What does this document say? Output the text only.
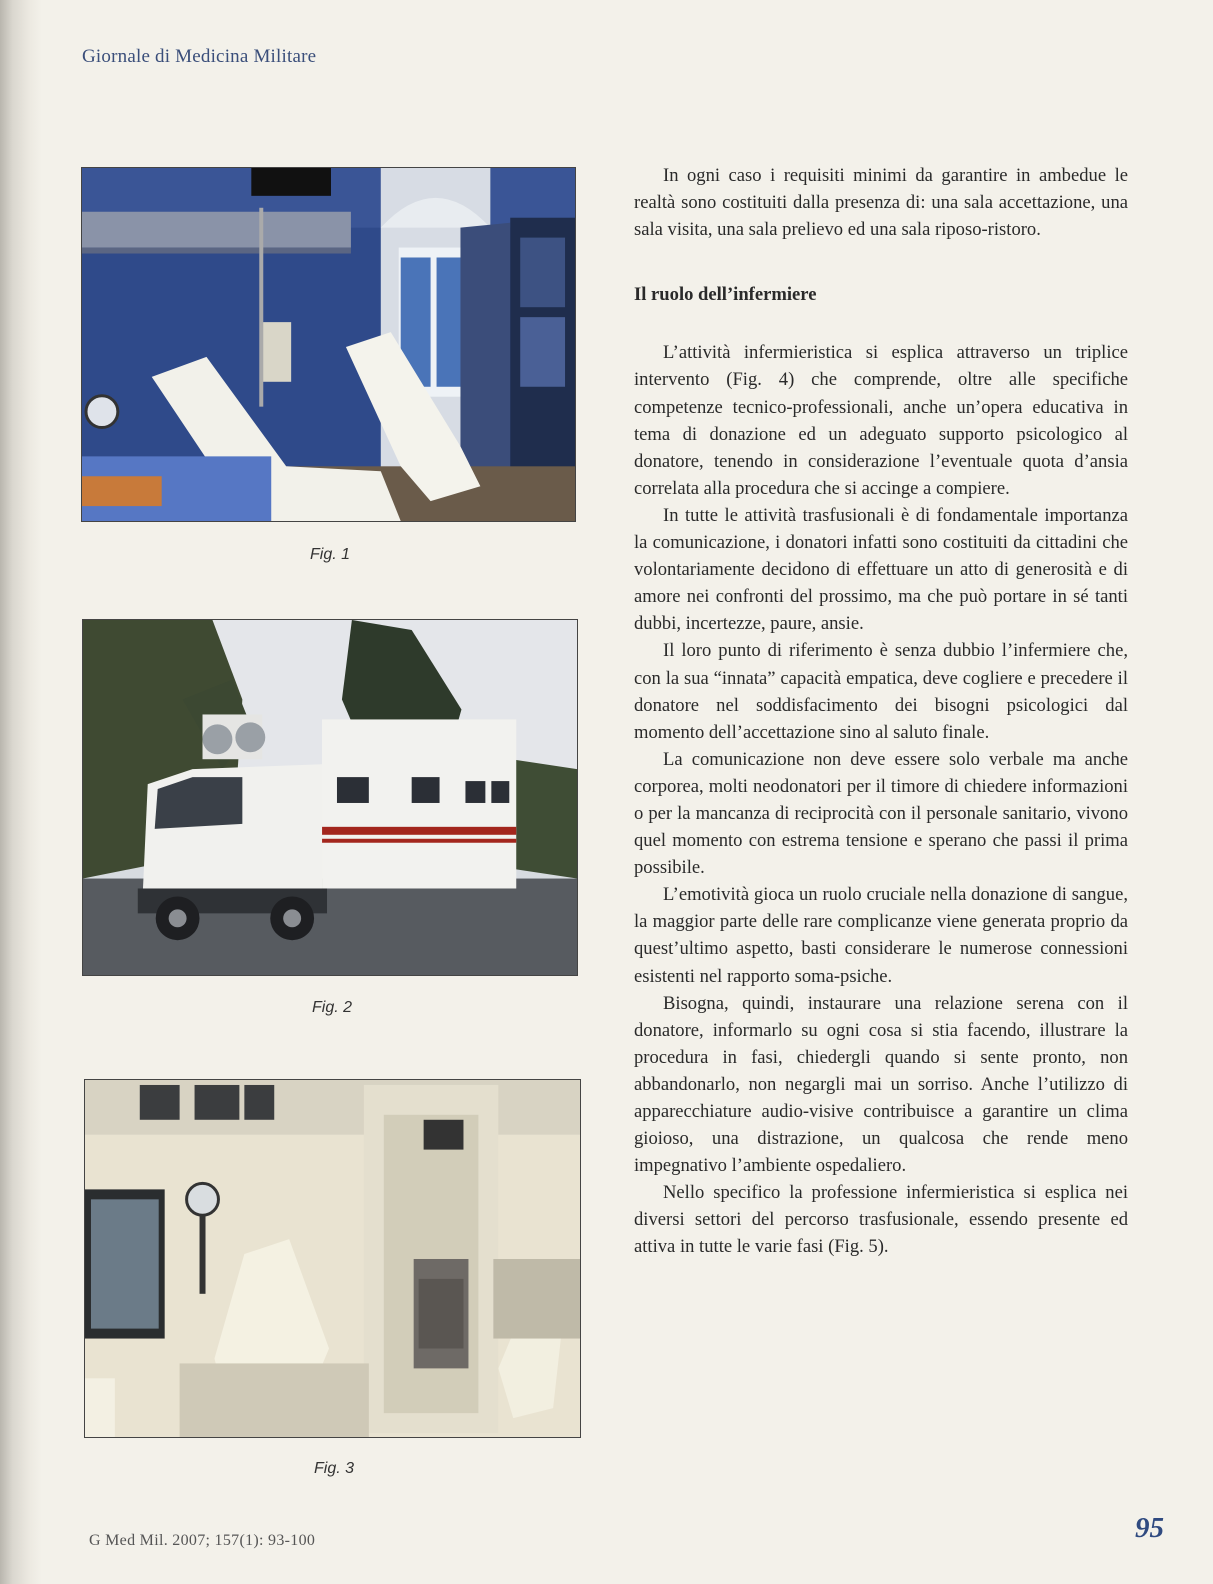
Giornale di Medicina Militare
Fig. 1
Fig. 2
Fig. 3

In ogni caso i requisiti minimi da garantire in ambedue le realtà sono costituiti dalla presenza di: una sala accettazione, una sala visita, una sala prelievo ed una sala riposo-ristoro.

Il ruolo dell’infermiere

L’attività infermieristica si esplica attraverso un triplice intervento (Fig. 4) che comprende, oltre alle specifiche competenze tecnico-professionali, anche un’opera educativa in tema di donazione ed un adeguato supporto psicologico al donatore, tenendo in considerazione l’eventuale quota d’ansia correlata alla procedura che si accinge a compiere.

In tutte le attività trasfusionali è di fondamentale importanza la comunicazione, i donatori infatti sono costituiti da cittadini che volontariamente decidono di effettuare un atto di generosità e di amore nei confronti del prossimo, ma che può portare in sé tanti dubbi, incertezze, paure, ansie.

Il loro punto di riferimento è senza dubbio l’infermiere che, con la sua “innata” capacità empatica, deve cogliere e precedere il donatore nel soddisfacimento dei bisogni psicologici dal momento dell’accettazione sino al saluto finale.

La comunicazione non deve essere solo verbale ma anche corporea, molti neodonatori per il timore di chiedere informazioni o per la mancanza di reciprocità con il personale sanitario, vivono quel momento con estrema tensione e sperano che passi il prima possibile.

L’emotività gioca un ruolo cruciale nella donazione di sangue, la maggior parte delle rare complicanze viene generata proprio da quest’ultimo aspetto, basti considerare le numerose connessioni esistenti nel rapporto soma-psiche.

Bisogna, quindi, instaurare una relazione serena con il donatore, informarlo su ogni cosa si stia facendo, illustrare la procedura in fasi, chiedergli quando si sente pronto, non abbandonarlo, non negargli mai un sorriso. Anche l’utilizzo di apparecchiature audio-visive contribuisce a garantire un clima gioioso, una distrazione, un qualcosa che rende meno impegnativo l’ambiente ospedaliero.

Nello specifico la professione infermieristica si esplica nei diversi settori del percorso trasfusionale, essendo presente ed attiva in tutte le varie fasi (Fig. 5).

G Med Mil. 2007; 157(1): 93-100	95
